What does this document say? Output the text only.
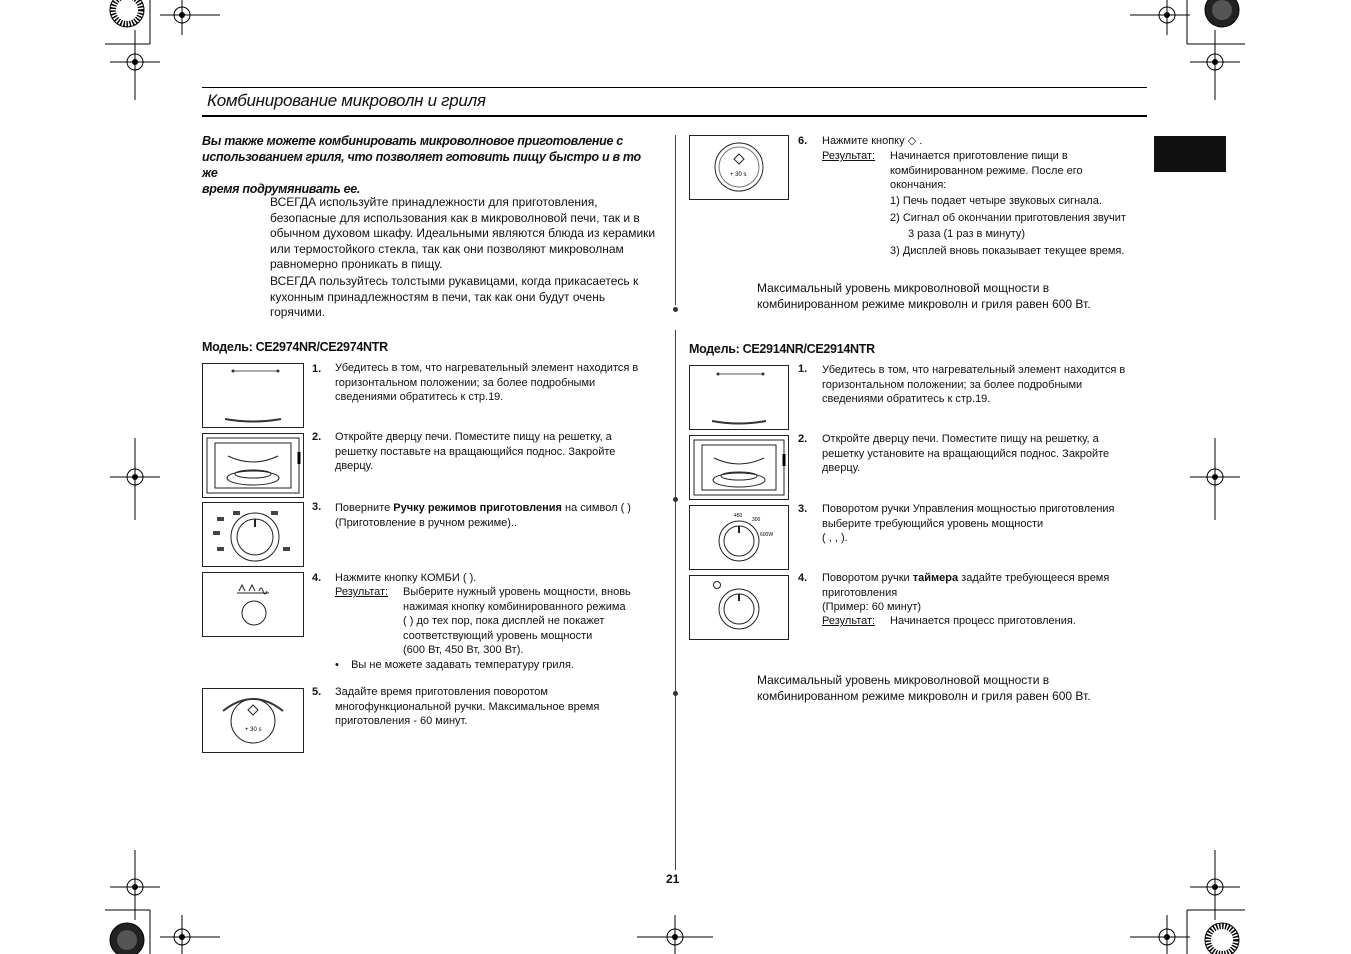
Комбинирование микроволн и гриля
Вы также можете комбинировать микроволновое приготовление с
использованием гриля, что позволяет готовить пищу быстро и в то же
время подрумянивать ее.
ВСЕГДА используйте принадлежности для приготовления,
безопасные для использования как в микроволновой печи, так и в
обычном духовом шкафу. Идеальными являются блюда из керамики
или термостойкого стекла, так как они позволяют микроволнам
равномерно проникать в пищу.
ВСЕГДА пользуйтесь толстыми рукавицами, когда прикасаетесь к
кухонным принадлежностям в печи, так как они будут очень
горячими.
Модель: CE2974NR/CE2974NTR
1. Убедитесь в том, что нагревательный элемент находится в
горизонтальном положении; за более подробными
сведениями обратитесь к стр.19.
2. Откройте дверцу печи. Поместите пищу на решетку, а
решетку поставьте на вращающийся поднос. Закройте
дверцу.
3. Поверните Ручку режимов приготовления на символ ( )
(Приготовление в ручном режиме)..
4. Нажмите кнопку КОМБИ ( ).
Результат: Выберите нужный уровень мощности, вновь
нажимая кнопку комбинированного режима
( ) до тех пор, пока дисплей не покажет
соответствующий уровень мощности
(600 Вт, 450 Вт, 300 Вт).
•    Вы не можете задавать температуру гриля.
+ 30 s
5. Задайте время приготовления поворотом
многофункциональной ручки. Максимальное время
приготовления - 60 минут.
+ 30 s
6. Нажмите кнопку ◇ .
Результат: Начинается приготовление пищи в
комбинированном режиме. После его
окончания:
1) Печь подает четыре звуковых сигнала.
2) Сигнал об окончании приготовления звучит
3 раза (1 раз в минуту)
3) Дисплей вновь показывает текущее время.
Максимальный уровень микроволновой мощности в
комбинированном режиме микроволн и гриля равен 600 Вт.
Модель: CE2914NR/CE2914NTR
1. Убедитесь в том, что нагревательный элемент находится в
горизонтальном положении; за более подробными
сведениями обратитесь к стр.19.
2. Откройте дверцу печи. Поместите пищу на решетку, а
решетку установите на вращающийся поднос. Закройте
дверцу.
450
300
600W
3. Поворотом ручки Управления мощностью приготовления
выберите требующийся уровень мощности
( , , ).
4. Поворотом ручки таймера задайте требующееся время
приготовления
(Пример: 60 минут)
Результат: Начинается процесс приготовления.
Максимальный уровень микроволновой мощности в
комбинированном режиме микроволн и гриля равен 600 Вт.
21
